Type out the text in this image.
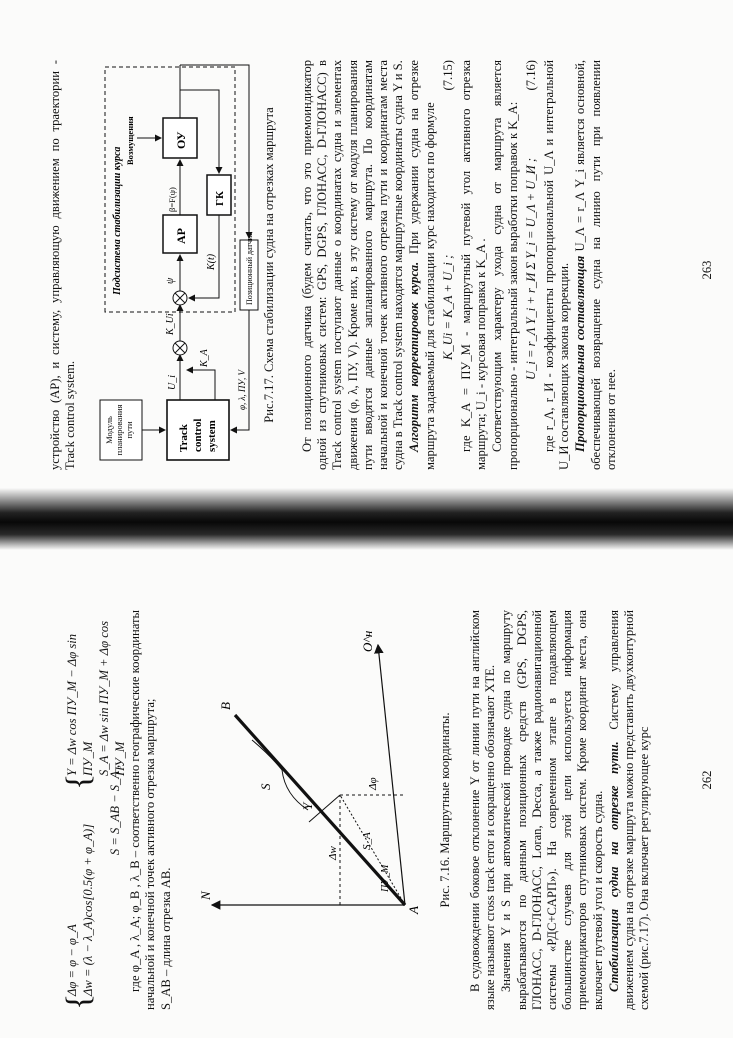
{
Δφ = φ − φ_A Δw = (λ − λ_A)cos[0.5(φ + φ_A)]
{
Y = Δw cos ПУ_M − Δφ sin ПУ_M S_A = Δw sin ПУ_M + Δφ cos ПУ_M
S = S_AB − S_A , где φ_A , λ_A; φ_B , λ_B – соответственно географические координаты начальной и конечной точек активного отрезка маршрута; S_AB – длина отрезка AB. N
O^н
A
B
Y
Δw
Δφ
S_A
ПУ_M
S	Рис. 7.16. Маршрутные координаты. В судовождении боковое отклонение Y от линии пути на английском языке называют cross track error и сокращенно обозначают XTE. Значения Y и S при автоматической проводке судна по маршруту вырабатываются по данным позиционных средств (GPS, DGPS, ГЛОНАСС, D-ГЛОНАСС, Loran, Decca, а также радионавигационной системы «РДС+CAPП»). На современном этапе в подавляющем большинстве случаев для этой цели используется информация приемоиндикаторов спутниковых систем. Кроме координат места, она включает путевой угол и скорость судна. Стабилизация судна на отрезке пути. Систему управления движением судна на отрезке маршрута можно представить двухконтурной схемой (рис.7.17). Она включает регулирующее курс	262
устройство (АР), и систему, управляющую движением по траектории - Track control system.	Модуль планирования пути	Track control system
U_i
K_A
K_Ui
Подсистема стабилизации курса	ψ
АР
β=F(ψ)
ОУ
Возмущения
ГК
K(t)	Позиционный датчик
φ, λ, ПУ, V Рис.7.17. Схема стабилизации судна на отрезках маршрута От позиционного датчика (будем считать, что это приемоиндикатор одной из спутниковых систем: GPS, DGPS, ГЛОНАСС, D-ГЛОНАСС) в Track control system поступают данные о координатах судна и элементах движения (φ, λ, ПУ, V). Кроме них, в эту систему от модуля планирования пути вводятся данные запланированного маршрута. По координатам начальной и конечной точек активного отрезка пути и координатам места судна в Track control system находятся маршрутные координаты судна Y и S. Алгоритм корректировок курса. При удержании судна на отрезке маршрута задаваемый для стабилизации курс находится по формуле K_Ui = K_A + U_i ;
(7.15) где K_A = ПУ_M - маршрутный путевой угол активного отрезка маршрута; U_i - курсовая поправка к K_A . Соответствующим характеру ухода судна от маршрута является пропорционально - интегральный закон выработки поправок к K_A: U_i = r_Λ Y_i + r_И Σ Y_i = U_Λ + U_И ;
(7.16) где r_Λ, r_И - коэффициенты пропорциональной U_Λ и интегральной U_И составляющих закона коррекции. Пропорциональная составляющая U_Λ = r_Λ Y_i является основной, обеспечивающей возвращение судна на линию пути при появлении отклонения от нее.

263
